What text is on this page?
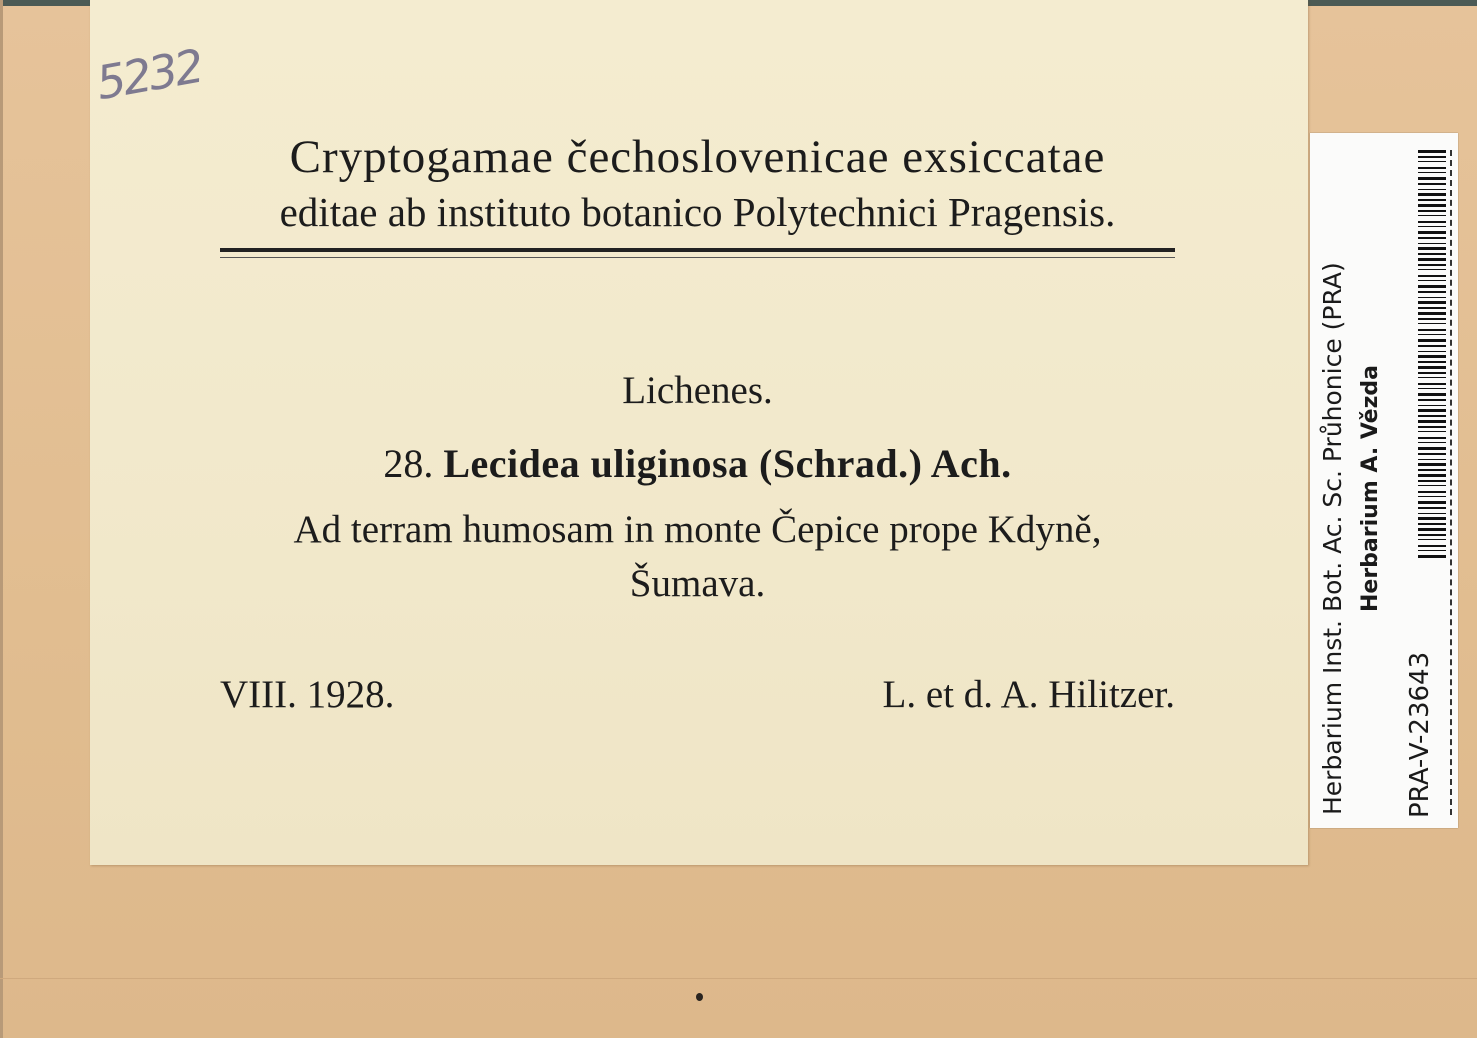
5232
Cryptogamae čechoslovenicae exsiccatae
editae ab instituto botanico Polytechnici Pragensis.
Lichenes.
28. Lecidea uliginosa (Schrad.) Ach.
Ad terram humosam in monte Čepice prope Kdyně,
Šumava.
VIII. 1928.	L. et d. A. Hilitzer.	Herbarium Inst. Bot. Ac. Sc. Průhonice (PRA) Herbarium A. Vězda
PRA-V-23643
